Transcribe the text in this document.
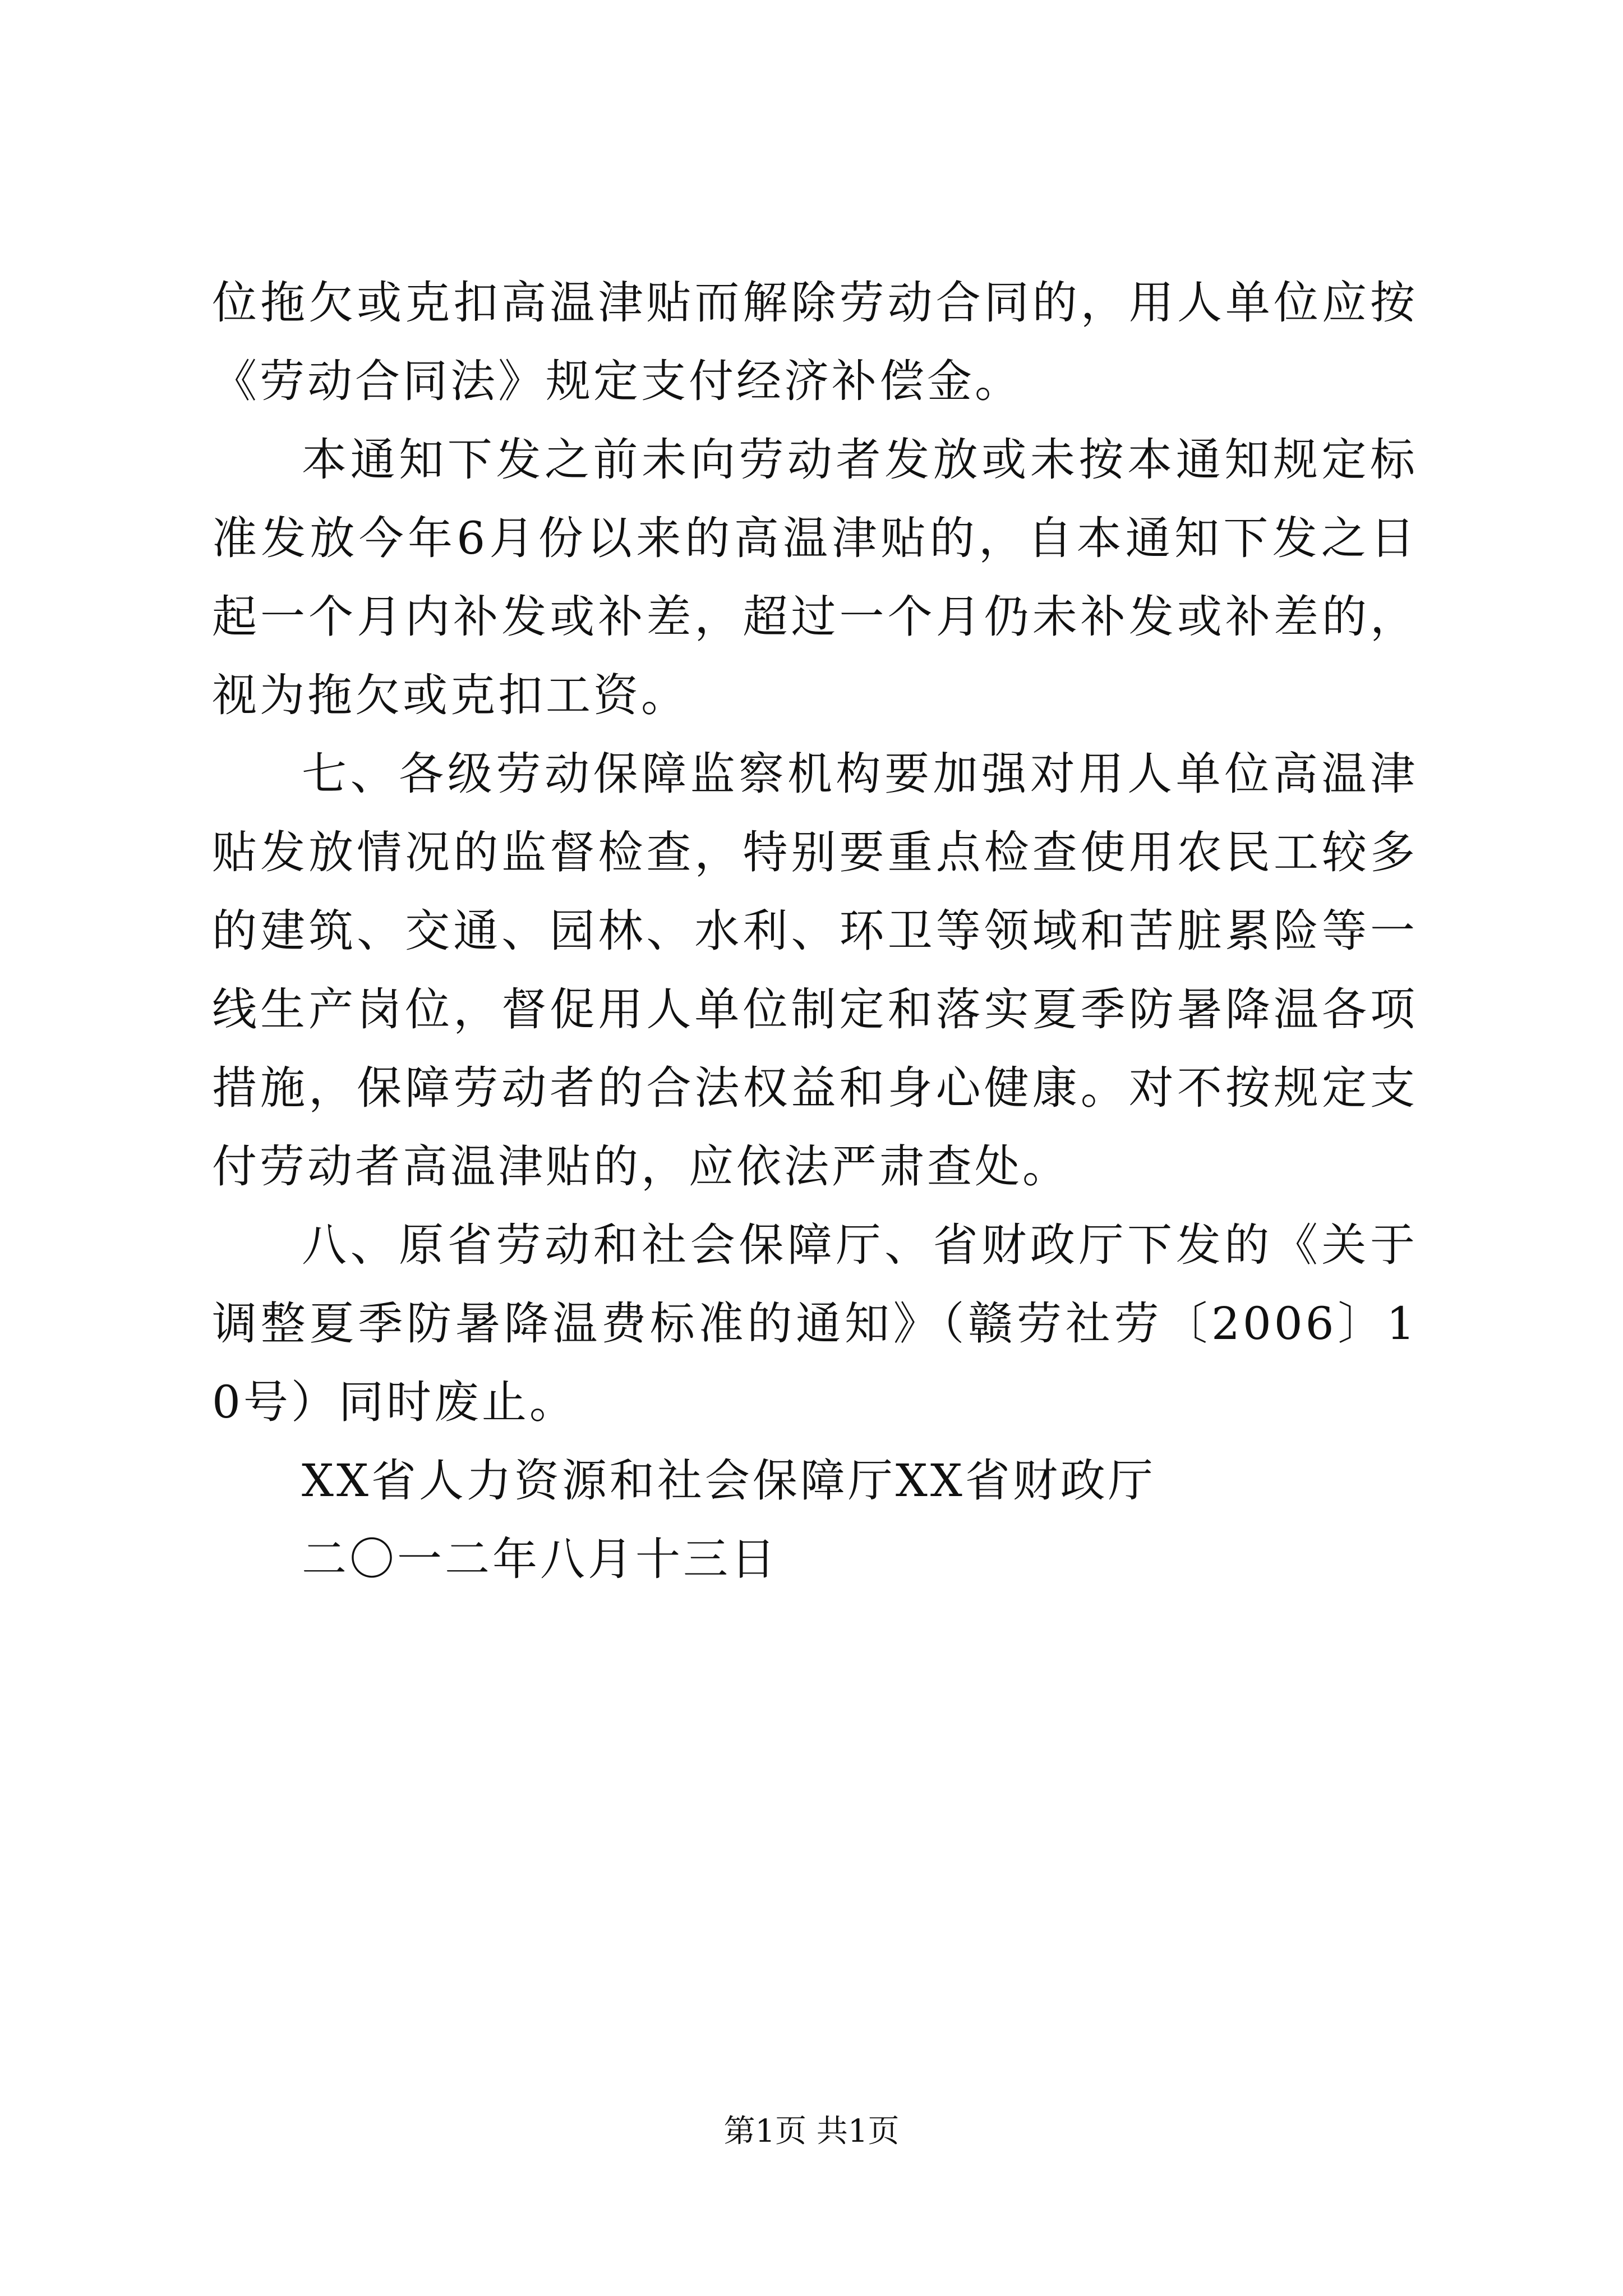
位拖欠或克扣高温津贴而解除劳动合同的，用人单位应按《劳动合同法》规定支付经济补偿金。

本通知下发之前未向劳动者发放或未按本通知规定标准发放今年6月份以来的高温津贴的，自本通知下发之日起一个月内补发或补差，超过一个月仍未补发或补差的，视为拖欠或克扣工资。

七、各级劳动保障监察机构要加强对用人单位高温津贴发放情况的监督检查，特别要重点检查使用农民工较多的建筑、交通、园林、水利、环卫等领域和苦脏累险等一线生产岗位，督促用人单位制定和落实夏季防暑降温各项措施，保障劳动者的合法权益和身心健康。对不按规定支付劳动者高温津贴的，应依法严肃查处。

八、原省劳动和社会保障厅、省财政厅下发的《关于调整夏季防暑降温费标准的通知》（赣劳社劳〔2006〕10号）同时废止。

XX省人力资源和社会保障厅XX省财政厅

二〇一二年八月十三日

第1页 共1页
